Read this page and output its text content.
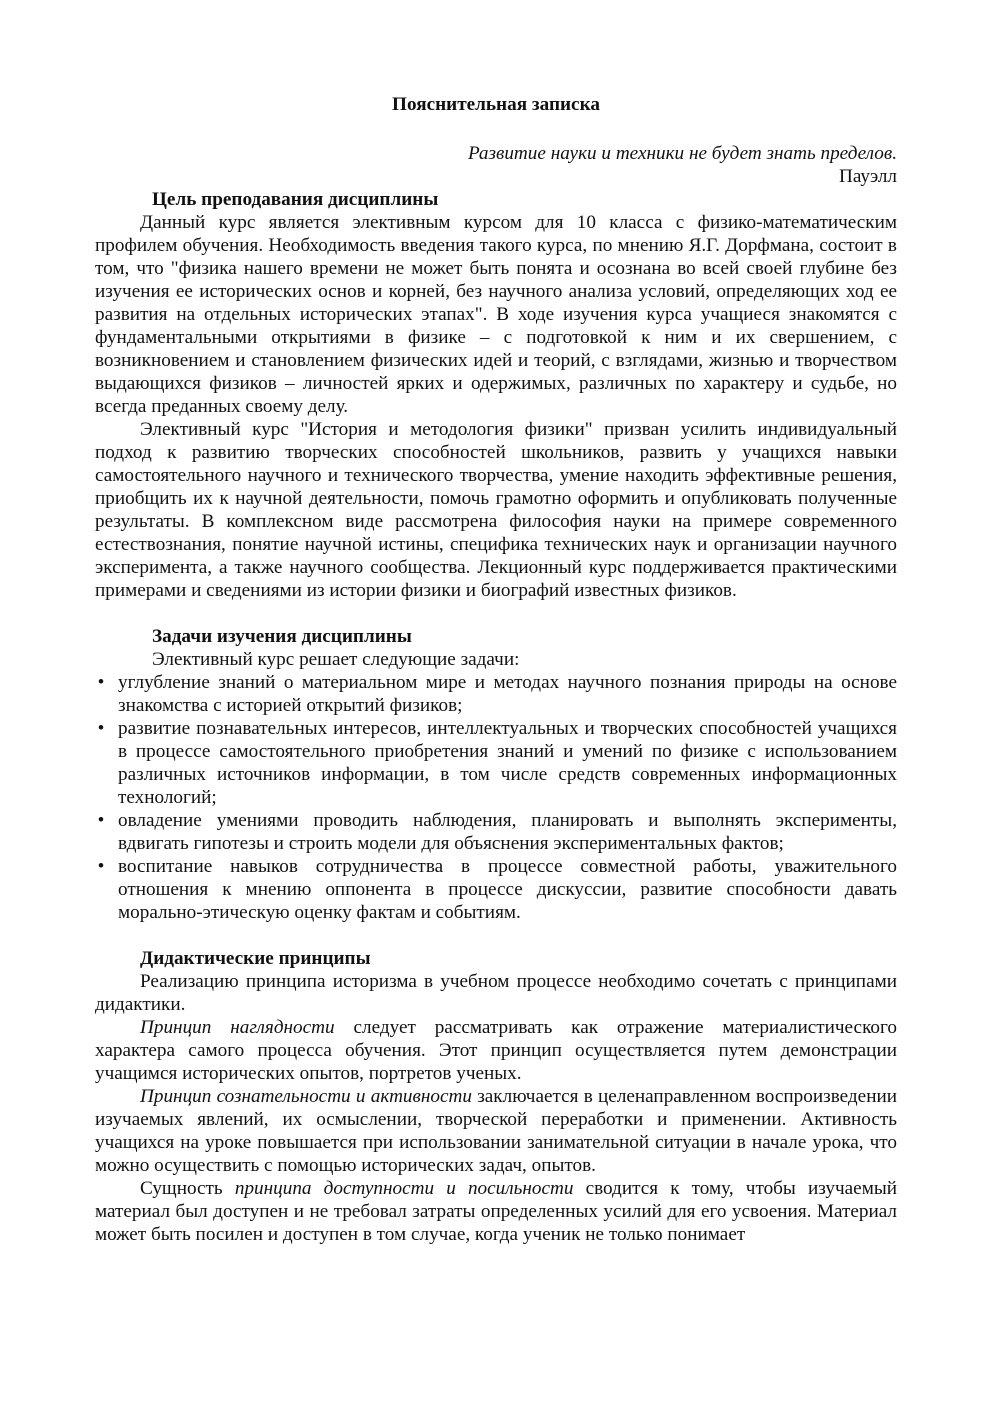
Пояснительная записка

Развитие науки и техники не будет знать пределов.

Пауэлл

Цель преподавания дисциплины

Данный курс является элективным курсом для 10 класса с физико-математическим профилем обучения. Необходимость введения такого курса, по мнению Я.Г. Дорфмана, состоит в том, что "физика нашего времени не может быть понята и осознана во всей своей глубине без изучения ее исторических основ и корней, без научного анализа условий, определяющих ход ее развития на отдельных исторических этапах". В ходе изучения курса учащиеся знакомятся с фундаментальными открытиями в физике – с подготовкой к ним и их свершением, с возникновением и становлением физических идей и теорий, с взглядами, жизнью и творчеством выдающихся физиков – личностей ярких и одержимых, различных по характеру и судьбе, но всегда преданных своему делу.

Элективный курс "История и методология физики" призван усилить индивидуальный подход к развитию творческих способностей школьников, развить у учащихся навыки самостоятельного научного и технического творчества, умение находить эффективные решения, приобщить их к научной деятельности, помочь грамотно оформить и опубликовать полученные результаты. В комплексном виде рассмотрена философия науки на примере современного естествознания, понятие научной истины, специфика технических наук и организации научного эксперимента, а также научного сообщества. Лекционный курс поддерживается практическими примерами и сведениями из истории физики и биографий известных физиков.

Задачи изучения дисциплины

Элективный курс решает следующие задачи:

• углубление знаний о материальном мире и методах научного познания природы на основе знакомства с историей открытий физиков;
• развитие познавательных интересов, интеллектуальных и творческих способностей учащихся в процессе самостоятельного приобретения знаний и умений по физике с использованием различных источников информации, в том числе средств современных информационных технологий;
• овладение умениями проводить наблюдения, планировать и выполнять эксперименты, вдвигать гипотезы и строить модели для объяснения экспериментальных фактов;
• воспитание навыков сотрудничества в процессе совместной работы, уважительного отношения к мнению оппонента в процессе дискуссии, развитие способности давать морально-этическую оценку фактам и событиям.
Дидактические принципы

Реализацию принципа историзма в учебном процессе необходимо сочетать с принципами дидактики.

Принцип наглядности следует рассматривать как отражение материалистического характера самого процесса обучения. Этот принцип осуществляется путем демонстрации учащимся исторических опытов, портретов ученых.

Принцип сознательности и активности заключается в целенаправленном воспроизведении изучаемых явлений, их осмыслении, творческой переработки и применении. Активность учащихся на уроке повышается при использовании занимательной ситуации в начале урока, что можно осуществить с помощью исторических задач, опытов.

Сущность принципа доступности и посильности сводится к тому, чтобы изучаемый материал был доступен и не требовал затраты определенных усилий для его усвоения. Материал может быть посилен и доступен в том случае, когда ученик не только понимает
